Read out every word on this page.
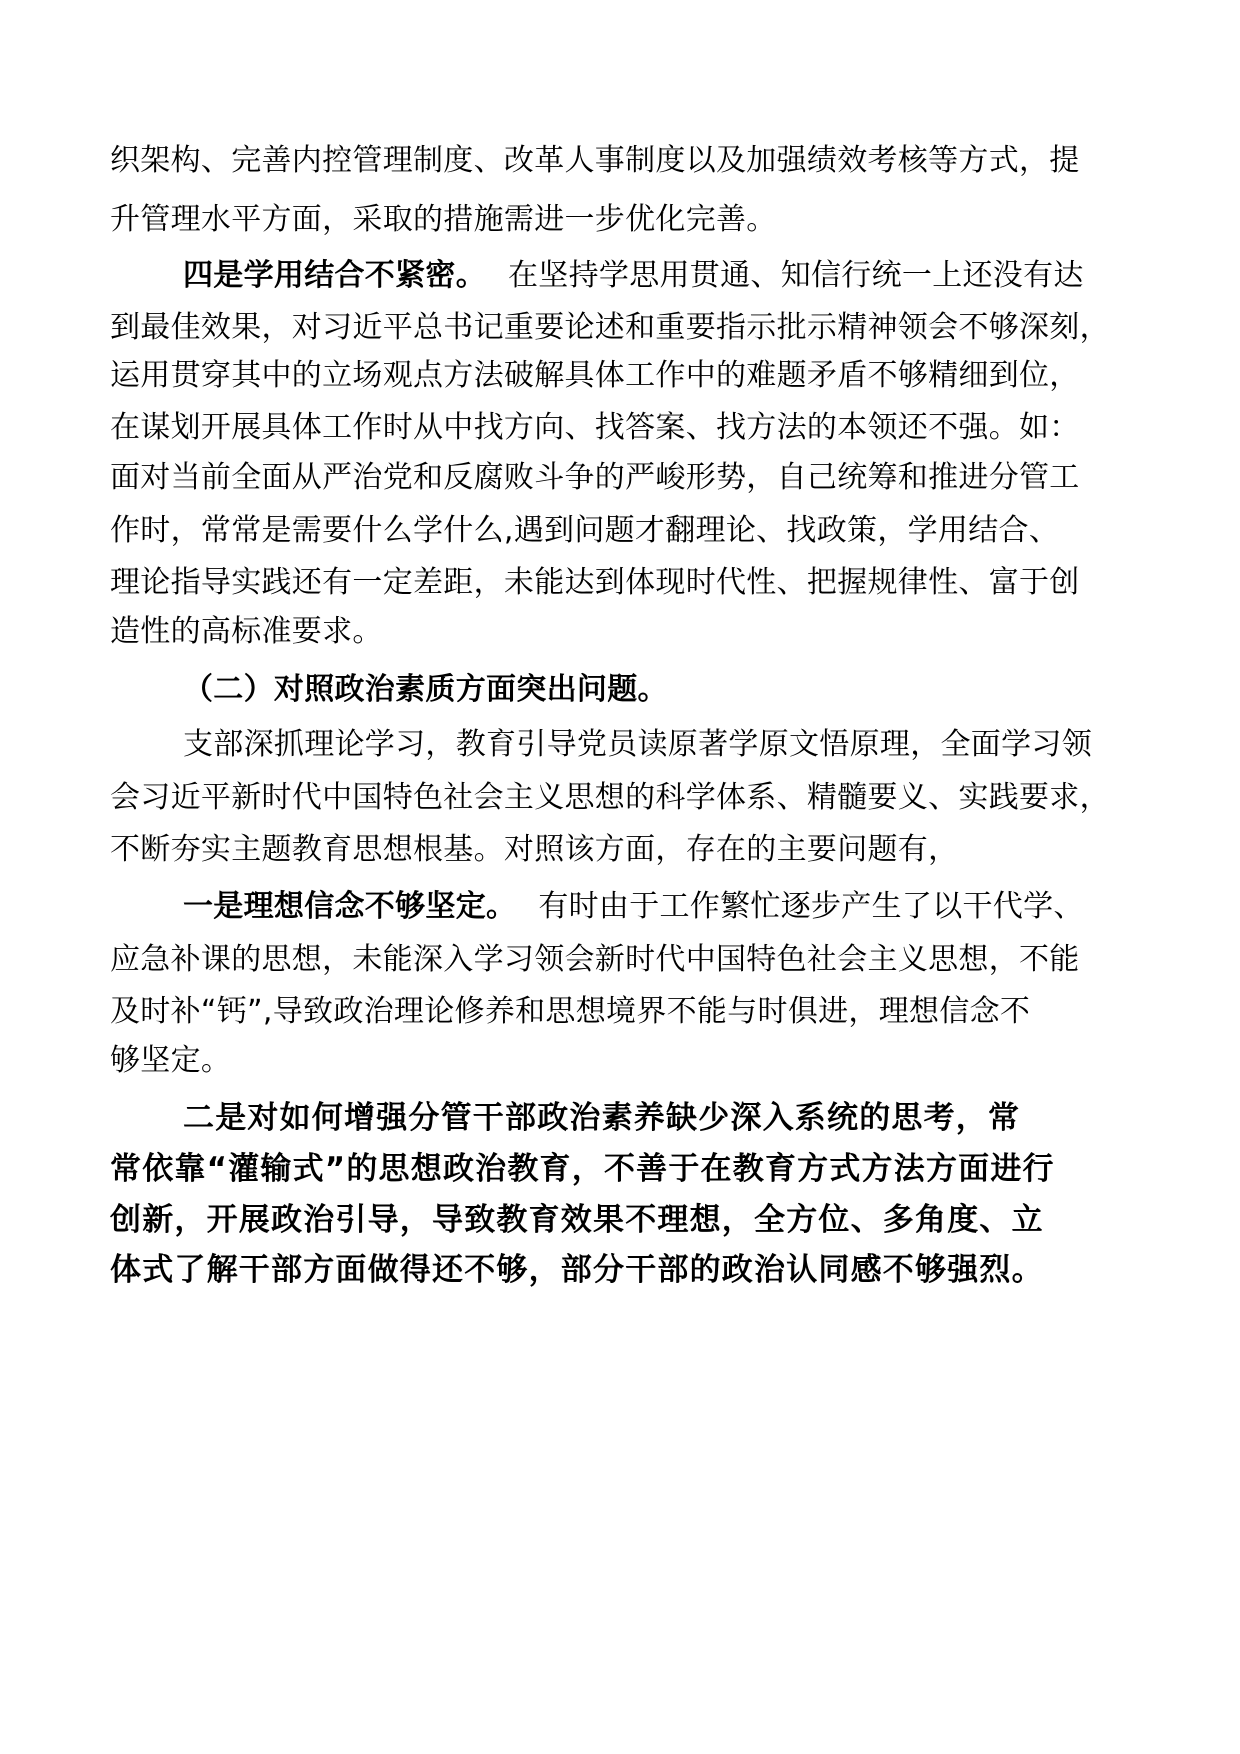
织架构、完善内控管理制度、改革人事制度以及加强绩效考核等方式，提
升管理水平方面，采取的措施需进一步优化完善。
四是学用结合不紧密。 在坚持学思用贯通、知信行统一上还没有达
到最佳效果，对习近平总书记重要论述和重要指示批示精神领会不够深刻，
运用贯穿其中的立场观点方法破解具体工作中的难题矛盾不够精细到位，
在谋划开展具体工作时从中找方向、找答案、找方法的本领还不强。如：
面对当前全面从严治党和反腐败斗争的严峻形势，自己统筹和推进分管工
作时，常常是需要什么学什么,遇到问题才翻理论、找政策，学用结合、
理论指导实践还有一定差距，未能达到体现时代性、把握规律性、富于创
造性的高标准要求。
（二）对照政治素质方面突出问题。
支部深抓理论学习，教育引导党员读原著学原文悟原理，全面学习领
会习近平新时代中国特色社会主义思想的科学体系、精髓要义、实践要求，
不断夯实主题教育思想根基。对照该方面，存在的主要问题有，
一是理想信念不够坚定。 有时由于工作繁忙逐步产生了以干代学、
应急补课的思想，未能深入学习领会新时代中国特色社会主义思想，不能
及时补“钙”,导致政治理论修养和思想境界不能与时俱进，理想信念不
够坚定。
二是对如何增强分管干部政治素养缺少深入系统的思考，常
常依靠“灌输式”的思想政治教育，不善于在教育方式方法方面进行
创新，开展政治引导，导致教育效果不理想，全方位、多角度、立
体式了解干部方面做得还不够，部分干部的政治认同感不够强烈。
